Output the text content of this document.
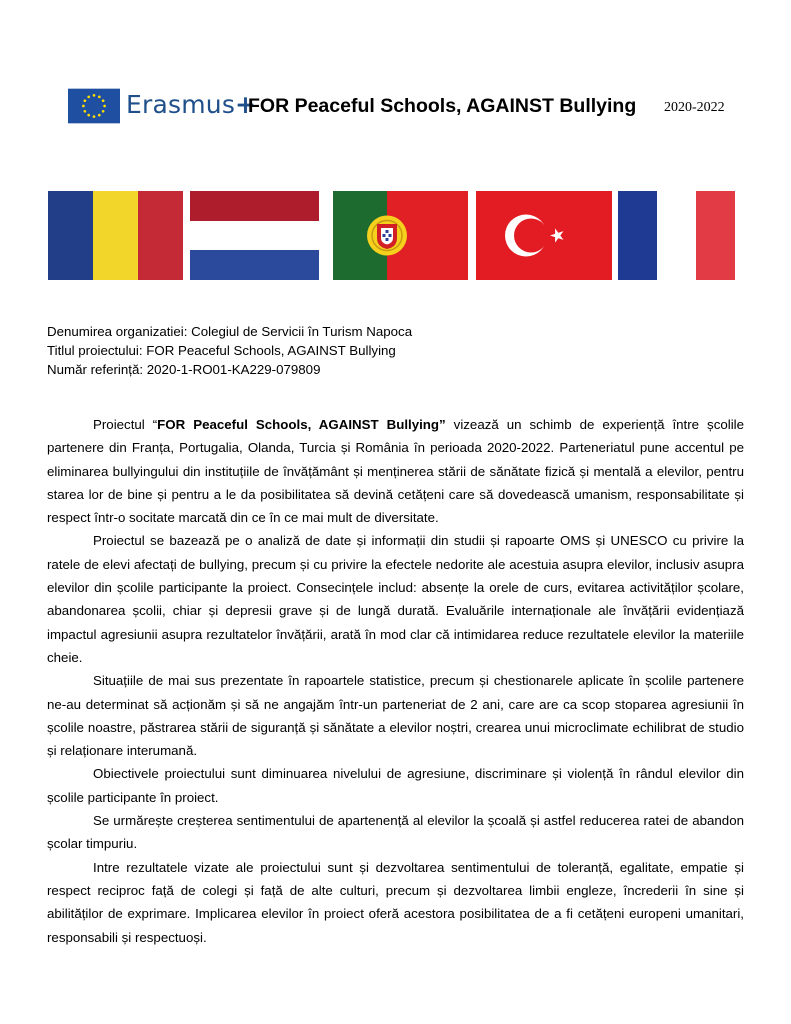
Erasmus+
FOR Peaceful Schools, AGAINST Bullying 2020-2022
Denumirea organizatiei: Colegiul de Servicii în Turism Napoca
Titlul proiectului: FOR Peaceful Schools, AGAINST Bullying
Număr referință: 2020-1-RO01-KA229-079809

Proiectul “FOR Peaceful Schools, AGAINST Bullying” vizează un schimb de experiență între școlile partenere din Franța, Portugalia, Olanda, Turcia și România în perioada 2020-2022. Parteneriatul pune accentul pe eliminarea bullyingului din instituțiile de învățământ și menținerea stării de sănătate fizică și mentală a elevilor, pentru starea lor de bine și pentru a le da posibilitatea să devină cetățeni care să dovedească umanism, responsabilitate și respect într-o socitate marcată din ce în ce mai mult de diversitate.

Proiectul se bazează pe o analiză de date și informații din studii și rapoarte OMS și UNESCO cu privire la ratele de elevi afectați de bullying, precum și cu privire la efectele nedorite ale acestuia asupra elevilor, inclusiv asupra elevilor din școlile participante la proiect. Consecințele includ: absențe la orele de curs, evitarea activităților școlare, abandonarea școlii, chiar și depresii grave și de lungă durată. Evaluările internaționale ale învățării evidențiază impactul agresiunii asupra rezultatelor învățării, arată în mod clar că intimidarea reduce rezultatele elevilor la materiile cheie.

Situațiile de mai sus prezentate în rapoartele statistice, precum și chestionarele aplicate în școlile partenere ne-au determinat să acționăm și să ne angajăm într-un parteneriat de 2 ani, care are ca scop stoparea agresiunii în școlile noastre, păstrarea stării de siguranță și sănătate a elevilor noștri, crearea unui microclimate echilibrat de studio și relaționare interumană.

Obiectivele proiectului sunt diminuarea nivelului de agresiune, discriminare și violență în rândul elevilor din școlile participante în proiect.

Se urmărește creșterea sentimentului de apartenență al elevilor la școală și astfel reducerea ratei de abandon școlar timpuriu.

Intre rezultatele vizate ale proiectului sunt și dezvoltarea sentimentului de toleranță, egalitate, empatie și respect reciproc față de colegi și față de alte culturi, precum și dezvoltarea limbii engleze, încrederii în sine și abilităților de exprimare. Implicarea elevilor în proiect oferă acestora posibilitatea de a fi cetățeni europeni umanitari, responsabili și respectuoși.
